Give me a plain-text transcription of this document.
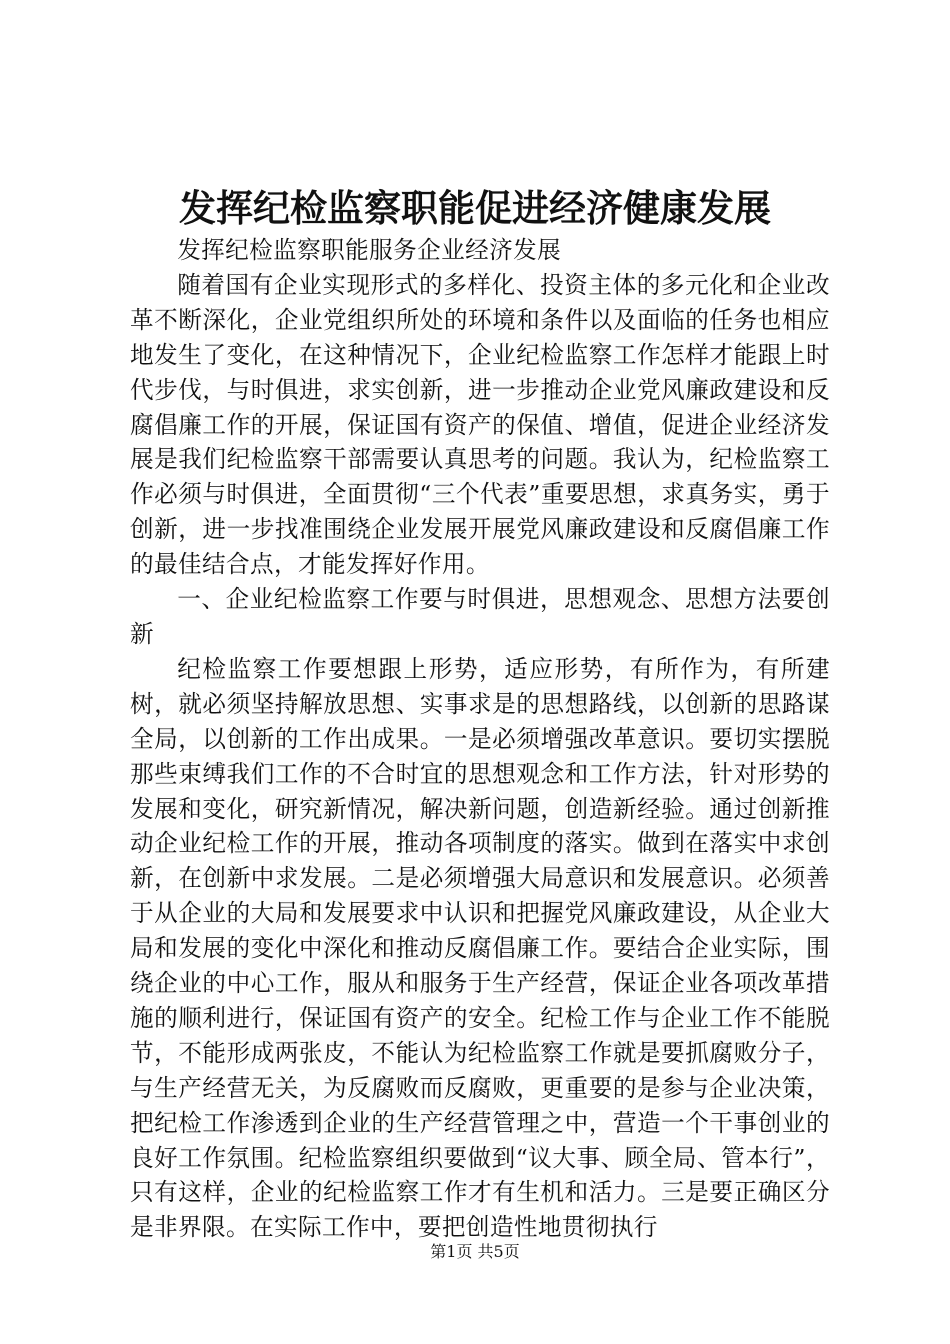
发挥纪检监察职能促进经济健康发展

发挥纪检监察职能服务企业经济发展

随着国有企业实现形式的多样化、投资主体的多元化和企业改革不断深化，企业党组织所处的环境和条件以及面临的任务也相应地发生了变化，在这种情况下，企业纪检监察工作怎样才能跟上时代步伐，与时俱进，求实创新，进一步推动企业党风廉政建设和反腐倡廉工作的开展，保证国有资产的保值、增值，促进企业经济发展是我们纪检监察干部需要认真思考的问题。我认为，纪检监察工作必须与时俱进，全面贯彻“三个代表”重要思想，求真务实，勇于创新，进一步找准围绕企业发展开展党风廉政建设和反腐倡廉工作的最佳结合点，才能发挥好作用。

一、企业纪检监察工作要与时俱进，思想观念、思想方法要创新

纪检监察工作要想跟上形势，适应形势，有所作为，有所建树，就必须坚持解放思想、实事求是的思想路线，以创新的思路谋全局，以创新的工作出成果。一是必须增强改革意识。要切实摆脱那些束缚我们工作的不合时宜的思想观念和工作方法，针对形势的发展和变化，研究新情况，解决新问题，创造新经验。通过创新推动企业纪检工作的开展，推动各项制度的落实。做到在落实中求创新，在创新中求发展。二是必须增强大局意识和发展意识。必须善于从企业的大局和发展要求中认识和把握党风廉政建设，从企业大局和发展的变化中深化和推动反腐倡廉工作。要结合企业实际，围绕企业的中心工作，服从和服务于生产经营，保证企业各项改革措施的顺利进行，保证国有资产的安全。纪检工作与企业工作不能脱节，不能形成两张皮，不能认为纪检监察工作就是要抓腐败分子，与生产经营无关，为反腐败而反腐败，更重要的是参与企业决策，把纪检工作渗透到企业的生产经营管理之中，营造一个干事创业的良好工作氛围。纪检监察组织要做到“议大事、顾全局、管本行”，只有这样，企业的纪检监察工作才有生机和活力。三是要正确区分是非界限。在实际工作中，要把创造性地贯彻执行

第1页 共5页
